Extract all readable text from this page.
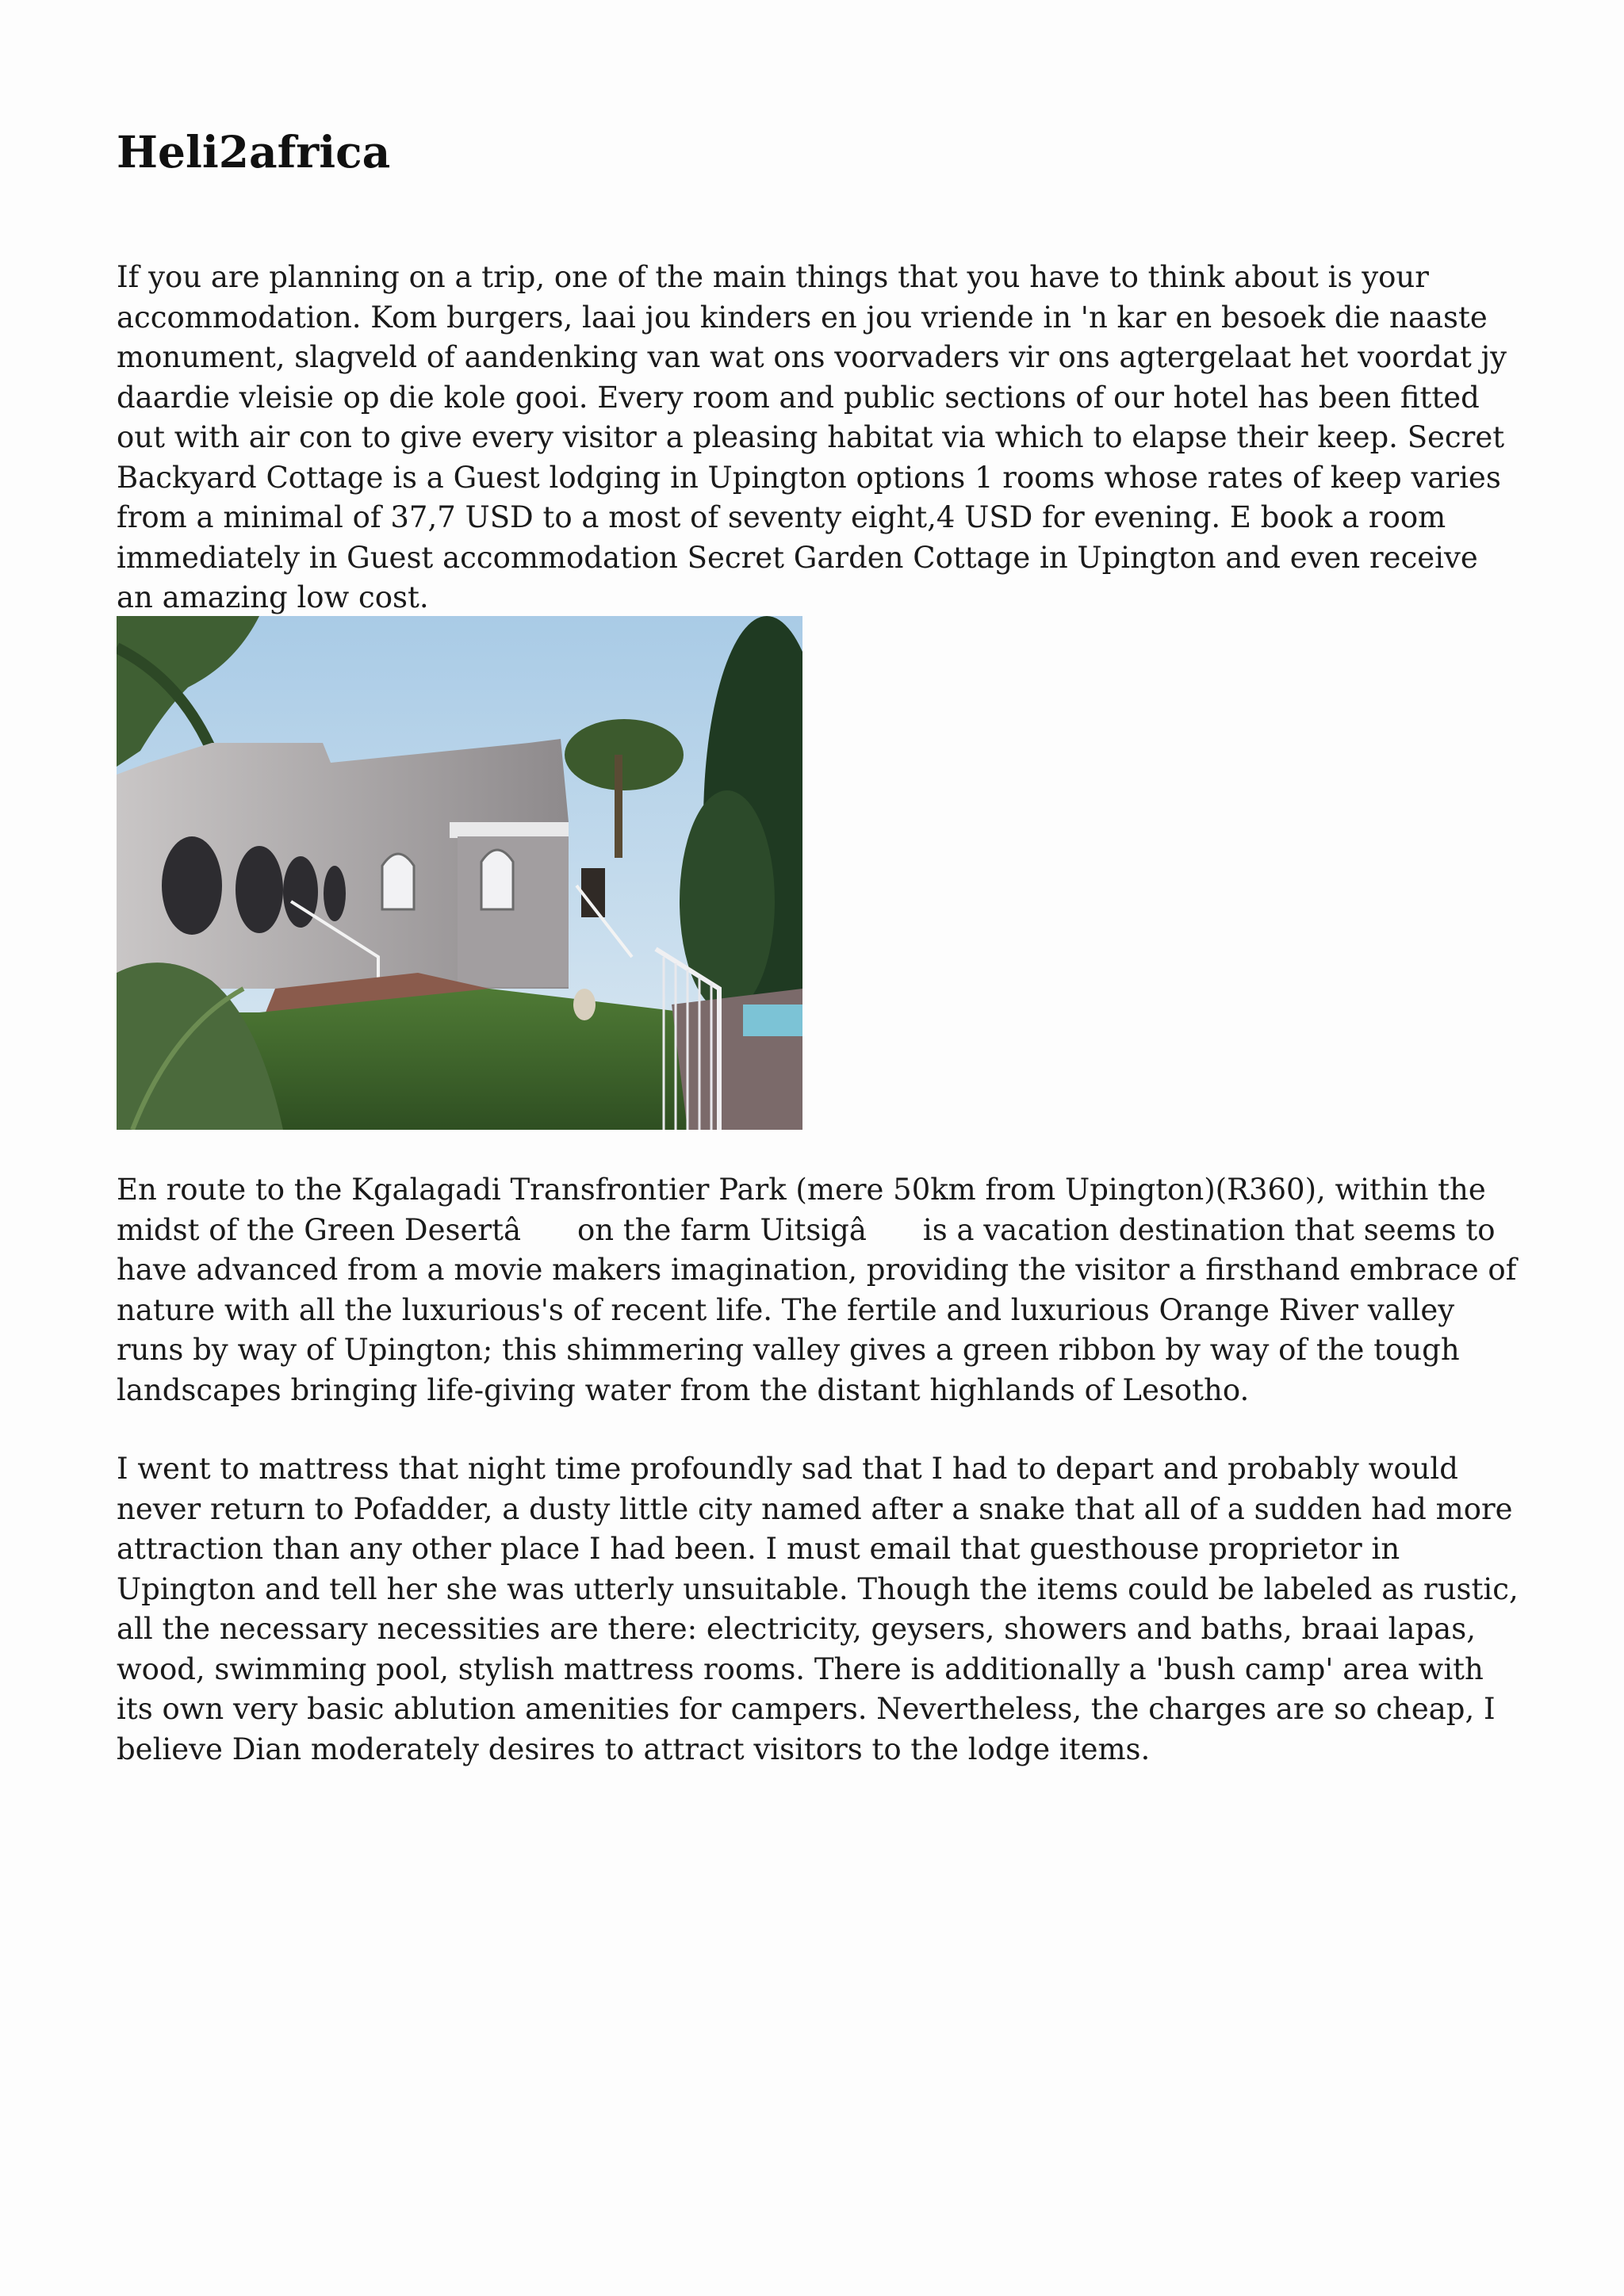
Heli2africa

If you are planning on a trip, one of the main things that you have to think about is your accommodation. Kom burgers, laai jou kinders en jou vriende in 'n kar en besoek die naaste monument, slagveld of aandenking van wat ons voorvaders vir ons agtergelaat het voordat jy daardie vleisie op die kole gooi. Every room and public sections of our hotel has been fitted out with air con to give every visitor a pleasing habitat via which to elapse their keep. Secret Backyard Cottage is a Guest lodging in Upington options 1 rooms whose rates of keep varies from a minimal of 37,7 USD to a most of seventy eight,4 USD for evening. E book a room immediately in Guest accommodation Secret Garden Cottage in Upington and even receive an amazing low cost.

En route to the Kgalagadi Transfrontier Park (mere 50km from Upington)(R360), within the midst of the Green Desertâ on the farm Uitsigâ is a vacation destination that seems to have advanced from a movie makers imagination, providing the visitor a firsthand embrace of nature with all the luxurious's of recent life. The fertile and luxurious Orange River valley runs by way of Upington; this shimmering valley gives a green ribbon by way of the tough landscapes bringing life-giving water from the distant highlands of Lesotho.

I went to mattress that night time profoundly sad that I had to depart and probably would never return to Pofadder, a dusty little city named after a snake that all of a sudden had more attraction than any other place I had been. I must email that guesthouse proprietor in Upington and tell her she was utterly unsuitable. Though the items could be labeled as rustic, all the necessary necessities are there: electricity, geysers, showers and baths, braai lapas, wood, swimming pool, stylish mattress rooms. There is additionally a 'bush camp' area with its own very basic ablution amenities for campers. Nevertheless, the charges are so cheap, I believe Dian moderately desires to attract visitors to the lodge items.
